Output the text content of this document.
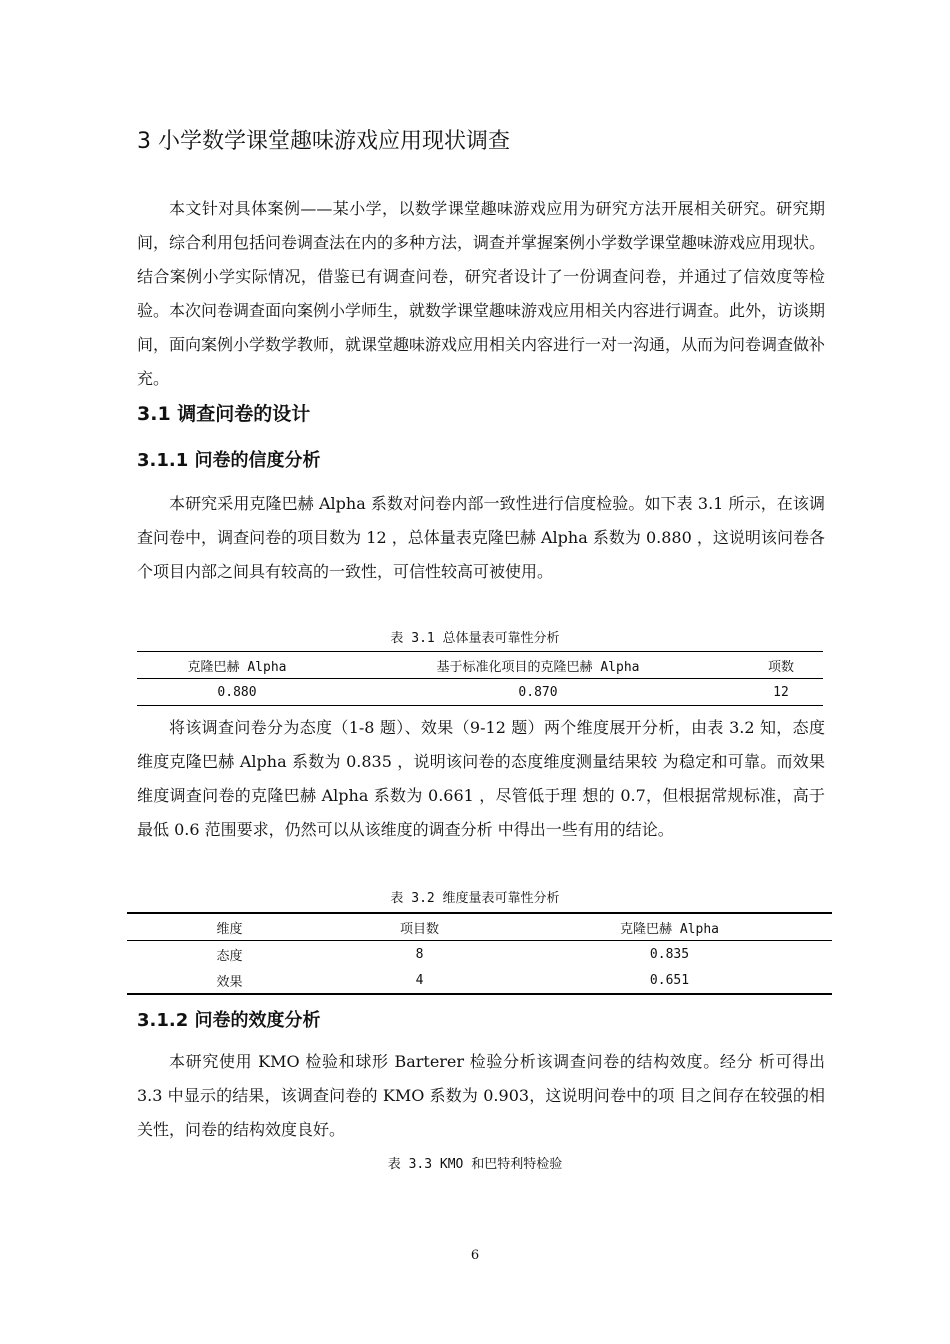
3 小学数学课堂趣味游戏应用现状调查

本文针对具体案例——某小学，以数学课堂趣味游戏应用为研究方法开展相关研究。研究期间，综合利用包括问卷调查法在内的多种方法，调查并掌握案例小学数学课堂趣味游戏应用现状。结合案例小学实际情况，借鉴已有调查问卷，研究者设计了一份调查问卷，并通过了信效度等检验。本次问卷调查面向案例小学师生，就数学课堂趣味游戏应用相关内容进行调查。此外，访谈期间，面向案例小学数学教师，就课堂趣味游戏应用相关内容进行一对一沟通，从而为问卷调查做补充。

3.1 调查问卷的设计
3.1.1 问卷的信度分析

本研究采用克隆巴赫 Alpha 系数对问卷内部一致性进行信度检验。如下表 3.1 所示，在该调查问卷中，调查问卷的项目数为 12 ，总体量表克隆巴赫 Alpha 系数为 0.880 ，这说明该问卷各个项目内部之间具有较高的一致性，可信性较高可被使用。

表 3.1 总体量表可靠性分析

克隆巴赫 Alpha	基于标准化项目的克隆巴赫 Alpha	项数
0.880	0.870	12

将该调查问卷分为态度（1-8 题）、效果（9-12 题）两个维度展开分析，由表 3.2 知，态度维度克隆巴赫 Alpha 系数为 0.835 ，说明该问卷的态度维度测量结果较 为稳定和可靠。而效果维度调查问卷的克隆巴赫 Alpha 系数为 0.661 ，尽管低于理 想的 0.7，但根据常规标准，高于最低 0.6 范围要求，仍然可以从该维度的调查分析 中得出一些有用的结论。

表 3.2 维度量表可靠性分析

维度	项目数	克隆巴赫 Alpha
态度	8	0.835
效果	4	0.651
3.1.2 问卷的效度分析

本研究使用 KMO 检验和球形 Barterer 检验分析该调查问卷的结构效度。经分 析可得出 3.3 中显示的结果，该调查问卷的 KMO 系数为 0.903，这说明问卷中的项 目之间存在较强的相关性，问卷的结构效度良好。

表 3.3 KMO 和巴特利特检验

6
